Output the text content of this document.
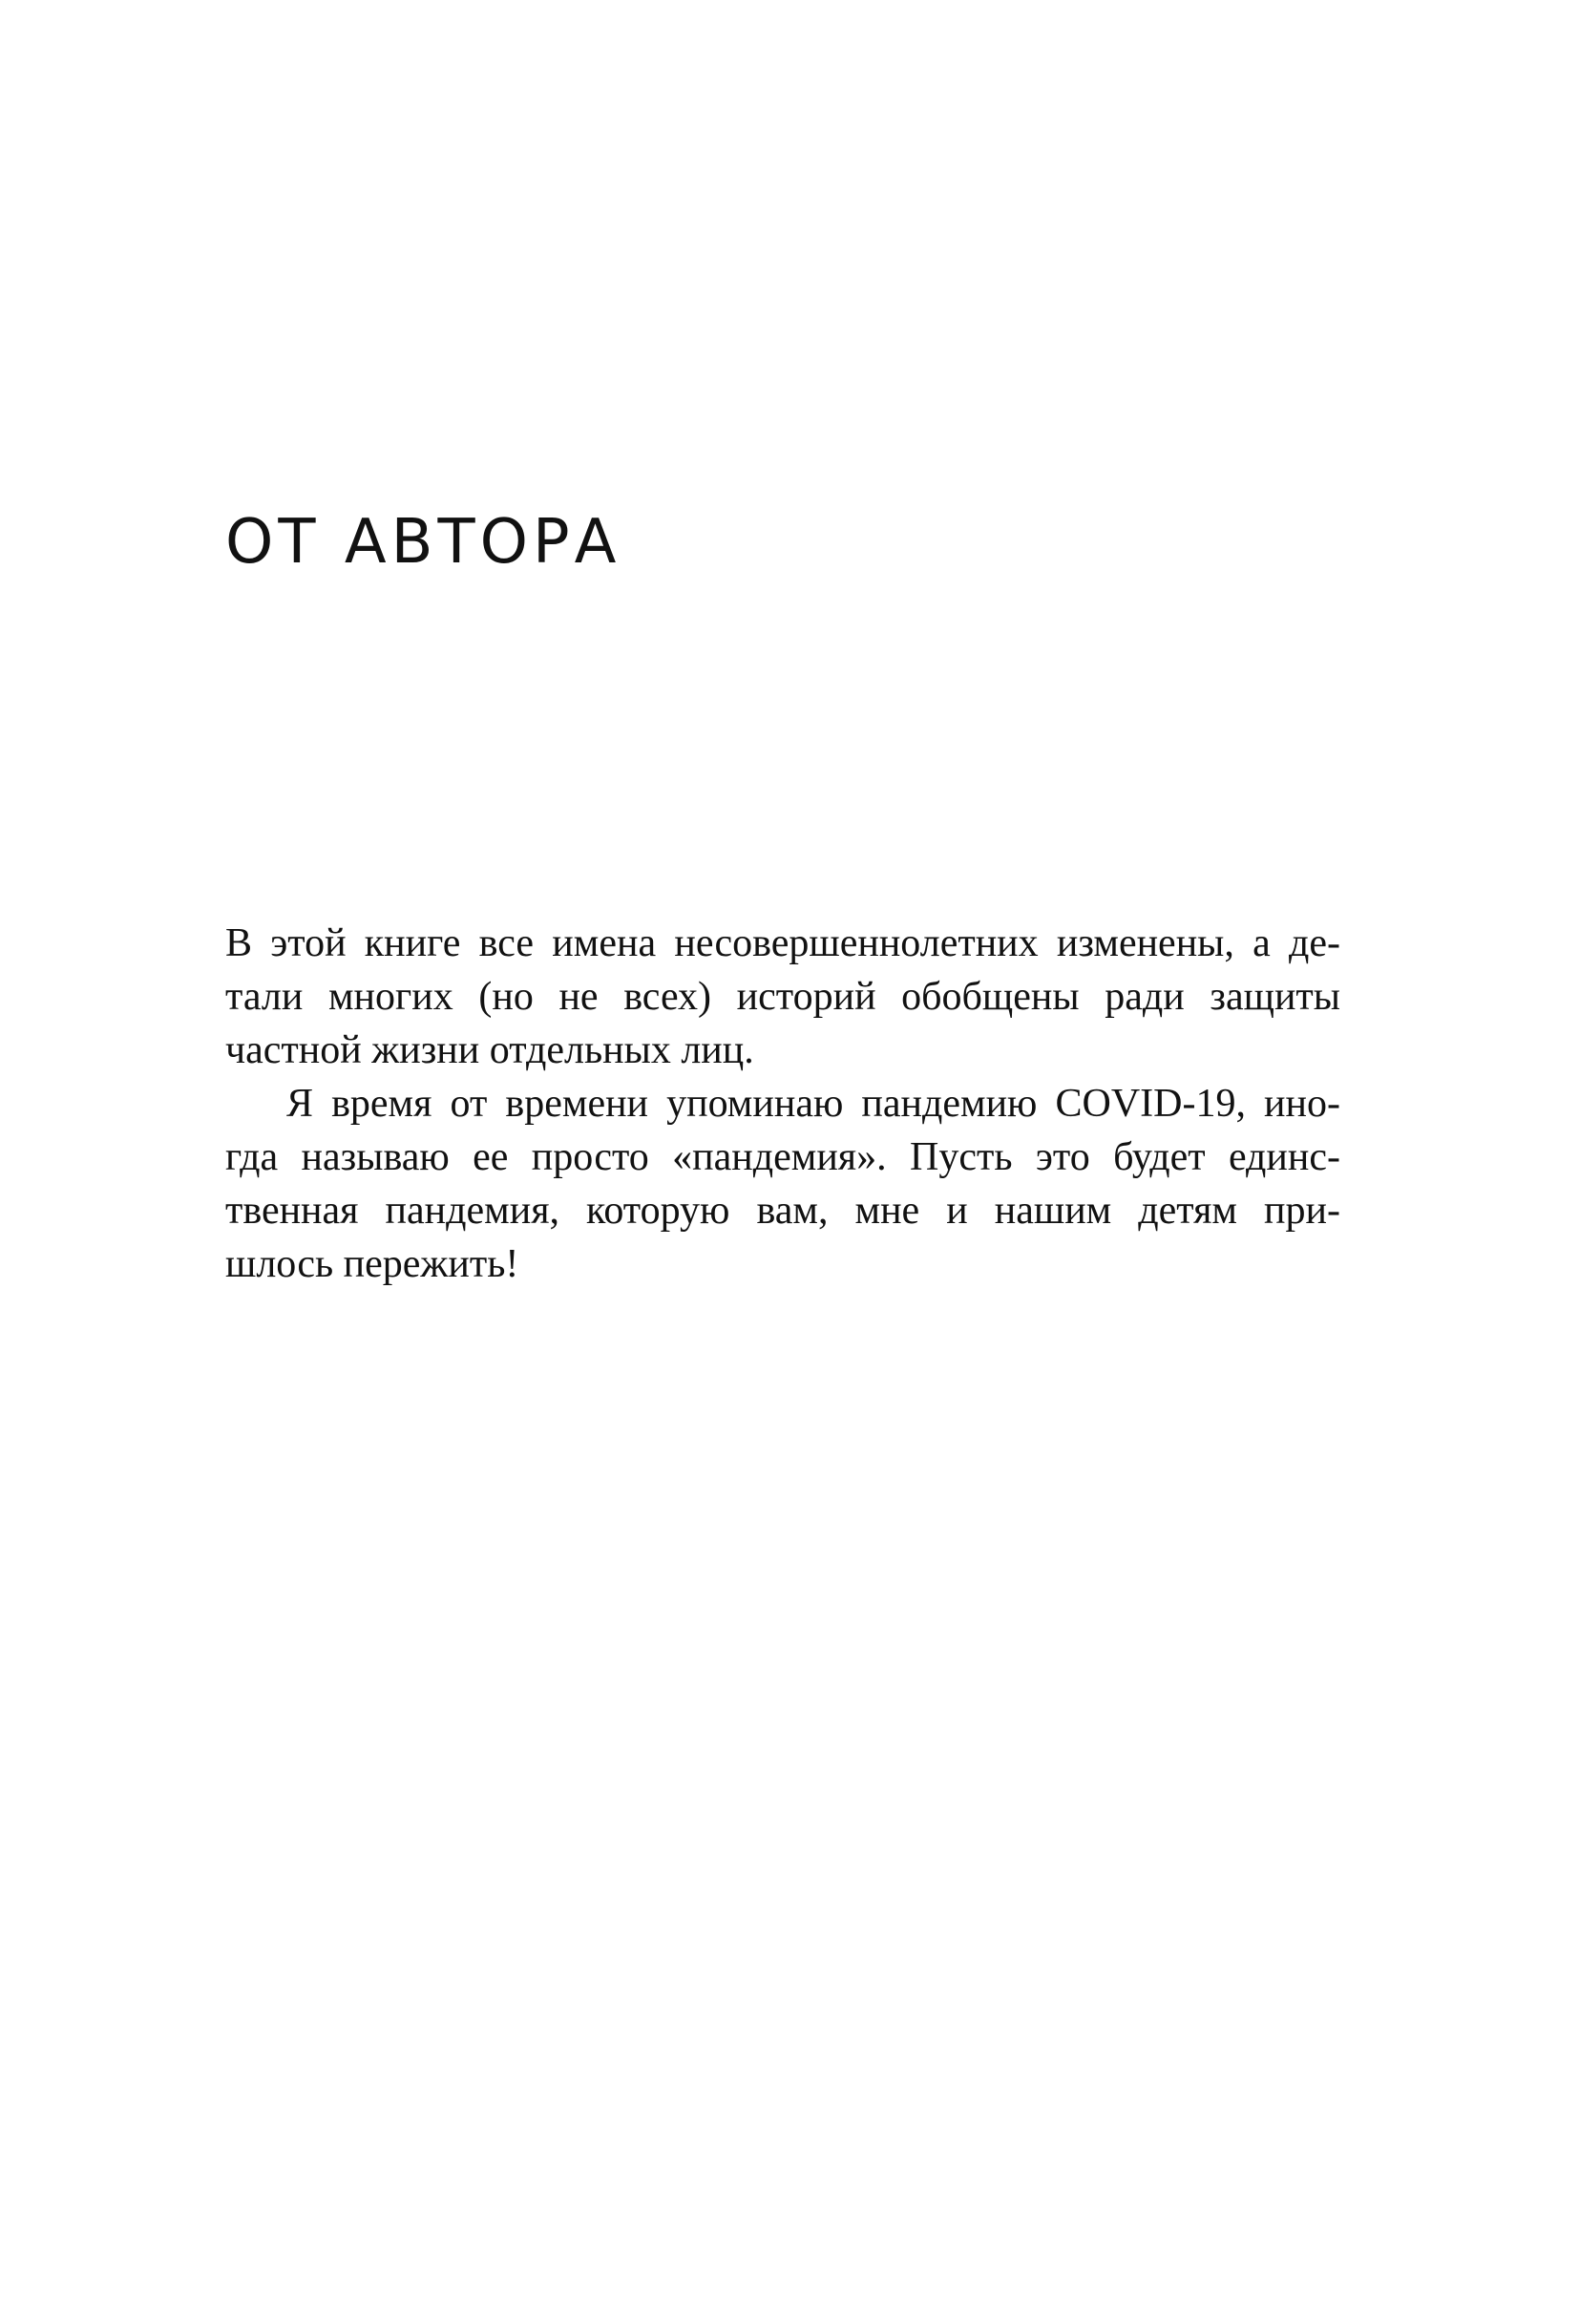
ОТ АВТОРА
В этой книге все имена несовершеннолетних изменены, а де-
тали многих (но не всех) историй обобщены ради защиты
частной жизни отдельных лиц.
Я время от времени упоминаю пандемию COVID-19, ино-
гда называю ее просто «пандемия». Пусть это будет единс-
твенная пандемия, которую вам, мне и нашим детям при-
шлось пережить!
